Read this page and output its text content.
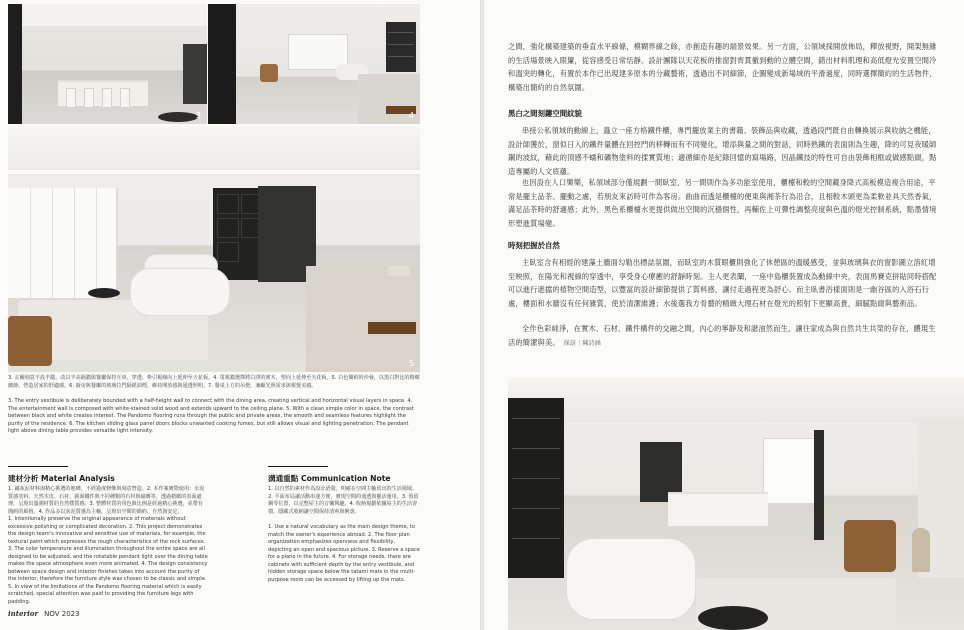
3	4
5

3. 玄關刻意不設半牆，改以半高隔牆與餐廳保持互串，穿透、牽引視線向上延伸至天花板。4. 電視牆選擇將白淨的實木，塑向上延伸至天花板。5. 白色簡約的沙發，以黑白對比的精緻細節，營造居家的舒適感。6. 廚房與餐廳的玻璃拉門隔絕油煙，維持開放感與通透照明。7. 餐桌上方的吊燈，兼顧光照需求與視覺美感。

3. The entry vestibule is deliberately bounded with a half-height wall to connect with the dining area, creating vertical and horizontal visual layers in space. 4. The entertainment wall is composed with white-stained solid wood and extends upward to the ceiling plane. 5. With a clean simple color in space, the contrast between black and white creates interest. The Pandomo flooring runs through the public and private areas, the smooth and seamless features highlight the purity of the residence. 6. The kitchen sliding glass panel doors blocks unwanted cooking fumes, but still allows visual and lighting penetration. The pendant light above dining table provides versatile light intensity.

建材分析 Material Analysis

1. 鋪灰泥材料與精心挑選的地磚，不經過度修飾與刻意營造。2. 本作案實際使用：水泥質感塗料、天然木皮、石材、霧面鐵件與不同種類的石材與磁磚等，透過精緻的表面處理，呈現出溫潤材質的自然樸質感。3. 整體材質的用色與比例是經過精心挑選，並帶有簡約的風格。4. 作品多以灰泥質感為主軸，呈現出空間的簡約、自然與安定。

1. Intentionally preserve the original appearance of materials without excessive polishing or complicated decoration. 2. This project demonstrates the design team's innovative and sensitive use of materials, for example, the textural paint which expresses the rough characteristics of the rock surfaces. 3. The color temperature and illumination throughout the entire space are all designed to be adjusted, and the rotatable pendant light over the dining table makes the space atmosphere even more animated. 4. The design consistency between space design and interior finishes takes into account the purity of the interior, therefore the furniture style was chosen to be classic and simple. 5. In view of the limitations of the Pandomo flooring material which is easily scratched, special attention was paid to providing the furniture legs with padding.

溝通重點 Communication Note

1. 以自然的素材作為設計語彙，明確在空間主軸留出的生活場域。2. 平面布局讓活動串連方便，實現空間的通透與靈活運用。3. 預留鋼琴位置，以完整屋主的音樂興趣。4. 收納規劃依據屋主的生活習慣，隱藏式收納讓空間保持清爽與俐落。

1. Use a natural vocabulary as the main design theme, to match the owner's experience abroad. 2. The floor plan organization emphasizes openness and flexibility, depicting an open and spacious picture. 3. Reserve a space for a piano in the future. 4. For storage needs, there are cabinets with sufficient depth by the entry vestibule, and hidden storage space below the tatami mats in the multi-purpose room can be accessed by lifting up the mats.

interior NOV 2023

之間，強化構築建築的垂直水平線條，模糊界線之餘，亦創造有趣的端景效果。另一方面，公領域採開放佈局，釋放視野，開架無雜的生活場景映入眼簾，從容感受日常恬靜。設計團隊以天花板的推窗對齊貫徹到動的立體空間，錯出材料肌理和高低燈光安置空間冷和溫突的轉化，有置於本作已出現建多原本的分藏藝術，透過出不同細節，企圖變成新場域的平滑過度，同時選擇簡約的生活物件，構築出簡約的自然氛圍。

黑白之間刻鏤空間紋貌

串接公私領域的動線上，蟲立一座方格鐵件櫃，專門擺放業主的書籍、裝飾品與收藏，透過段門既自由轉換展示與收納之機能，設計師獲於，窗似日入的鐵件量體在回控門的移轉而有不同變化，增添與量之間的對話，同時熟鐵的表面則為生趣，降的可見夜暖師鋼的波紋，藉此的頂感不蠕和礦物塗料的揉實質地；適循細亦是紀錄回憶的寫場路，因晶鐵技的特性可自由裝飾相框或做感點綴，點造專屬的人文底蘊。

也因設在人口樂樂，私領域部分僅規劃一間臥室，另一間則作為多功能室使用，櫃檯和較的空間藏身降式高板模造複合用途，平常是擺主品茶、擺動之處，若朋友來訪時可作為客房。曲曲而透是櫃檯的便東與湘茶行為沿合，且相較木頭更為柔軟並具天然香氣，滿足品茶時的舒適感；此外，黑色系櫃檯水更提供做出空間的沉穩個性，再輔佐上可彈性調整亮度與色溫的燈光控制系統，點墨情境形塑進質場變。

時刻把握於自然

主臥室含有相經的建藻土牆面勾勒出標誌氛圍，而臥室的木質眼櫃則強化了休憩區的溫暖感受，並與玻璃與衣的窗影圖立溶紅增至映照，在陽光和視線的穿透中，享受身心療癒的舒靜時刻。主人更表闡，一座中島櫃裝置成為動線中央，表面馬賽克拼貼同時搭配可以進行遮擋的植物空間造型，以豐富的設計細節提供了質料感，讓付走過程更為舒心。而主臥書浴樣面則是一幽谷區的入浴石行處，樓面和水牆沒有任何雜質，使於清潔維護；水後選我方骨藝的精緻大理石材在燈光的照射下更顯高貴，細膩點綴與藝術品。

全作色彩純淨，在實木、石材、鐵件構件的交融之間，內心的寧靜及和諧油然而生，讓往家成為與自然共生共榮的存在，體現生活的簡潔與美。 採訪｜陳詩涵
